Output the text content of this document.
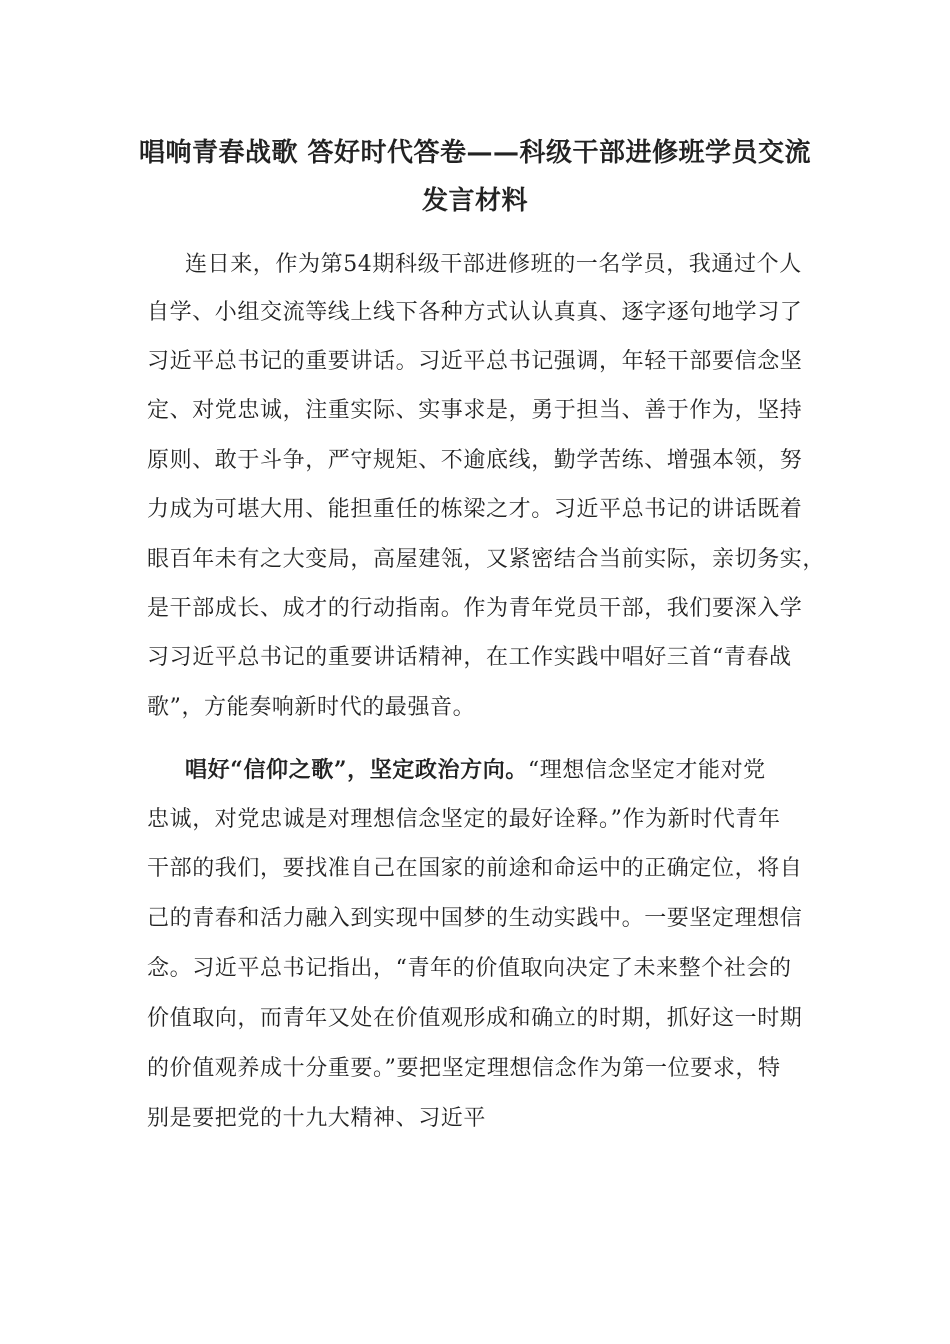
唱响青春战歌 答好时代答卷——科级干部进修班学员交流
发言材料
连日来，作为第54期科级干部进修班的一名学员，我通过个人
自学、小组交流等线上线下各种方式认认真真、逐字逐句地学习了
习近平总书记的重要讲话。习近平总书记强调，年轻干部要信念坚
定、对党忠诚，注重实际、实事求是，勇于担当、善于作为，坚持
原则、敢于斗争，严守规矩、不逾底线，勤学苦练、增强本领，努
力成为可堪大用、能担重任的栋梁之才。习近平总书记的讲话既着
眼百年未有之大变局，高屋建瓴，又紧密结合当前实际，亲切务实，
是干部成长、成才的行动指南。作为青年党员干部，我们要深入学
习习近平总书记的重要讲话精神，在工作实践中唱好三首“青春战
歌”，方能奏响新时代的最强音。
唱好“信仰之歌”，坚定政治方向。“理想信念坚定才能对党
忠诚，对党忠诚是对理想信念坚定的最好诠释。”作为新时代青年
干部的我们，要找准自己在国家的前途和命运中的正确定位，将自
己的青春和活力融入到实现中国梦的生动实践中。一要坚定理想信
念。习近平总书记指出，“青年的价值取向决定了未来整个社会的
价值取向，而青年又处在价值观形成和确立的时期，抓好这一时期
的价值观养成十分重要。”要把坚定理想信念作为第一位要求，特
别是要把党的十九大精神、习近平
